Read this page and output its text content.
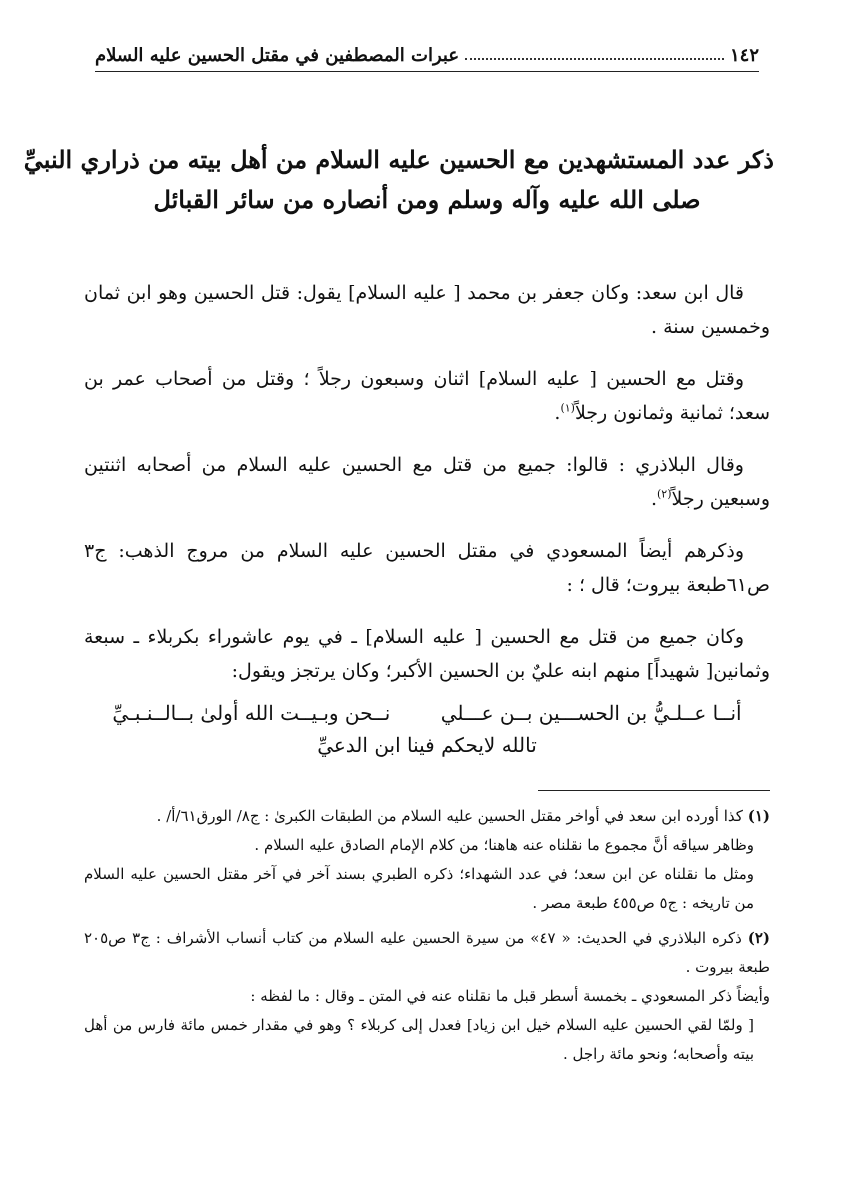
١٤٢
عبرات المصطفين في مقتل الحسين عليه السلام
ذكر عدد المستشهدين مع الحسين عليه السلام من أهل بيته من ذراري النبيِّ
صلى الله عليه وآله وسلم ومن أنصاره من سائر القبائل

قال ابن سعد: وكان جعفر بن محمد [ عليه السلام] يقول: قتل الحسين وهو ابن ثمان وخمسين سنة .

وقتل مع الحسين [ عليه السلام] اثنان وسبعون رجلاً ؛ وقتل من أصحاب عمر بن سعد؛ ثمانية وثمانون رجلاً$^{(١)}$.

وقال البلاذري : قالوا: جميع من قتل مع الحسين عليه السلام من أصحابه اثنتين وسبعين رجلاً$^{(٢)}$.

وذكرهم أيضاً المسعودي في مقتل الحسين عليه السلام من مروج الذهب: ج٣ ص٦١طبعة بيروت؛ قال ؛ :

وكان جميع من قتل مع الحسين [ عليه السلام] ـ في يوم عاشوراء بكربلاء ـ سبعة وثمانين[ شهيداً] منهم ابنه عليٌ بن الحسين الأكبر؛ وكان يرتجز ويقول:

أنــا عــلـيُّ بن الحســـين بــن عـــلي نــحن وبـيــت الله أولىٰ بــالــنـبـيِّ
تالله لايحكم فينا ابن الدعيِّ

(١) كذا أورده ابن سعد في أواخر مقتل الحسين عليه السلام من الطبقات الكبرىٰ : ج٨/ الورق٦١/أ/ .

وظاهر سياقه أنَّ مجموع ما نقلناه عنه هاهنا؛ من كلام الإمام الصادق عليه السلام .

ومثل ما نقلناه عن ابن سعد؛ في عدد الشهداء؛ ذكره الطبري بسند آخر في آخر مقتل الحسين عليه السلام من تاريخه : ج٥ ص٤٥٥ طبعة مصر .

(٢) ذكره البلاذري في الحديث: « ٤٧» من سيرة الحسين عليه السلام من كتاب أنساب الأشراف : ج٣ ص٢٠٥ طبعة بيروت .

وأيضاً ذكر المسعودي ـ بخمسة أسطر قبل ما نقلناه عنه في المتن ـ وقال : ما لفظه :

[ ولمّا لقي الحسين عليه السلام خيل ابن زياد] فعدل إلى كربلاء ؟ وهو في مقدار خمس مائة فارس من أهل بيته وأصحابه؛ ونحو مائة راجل .
